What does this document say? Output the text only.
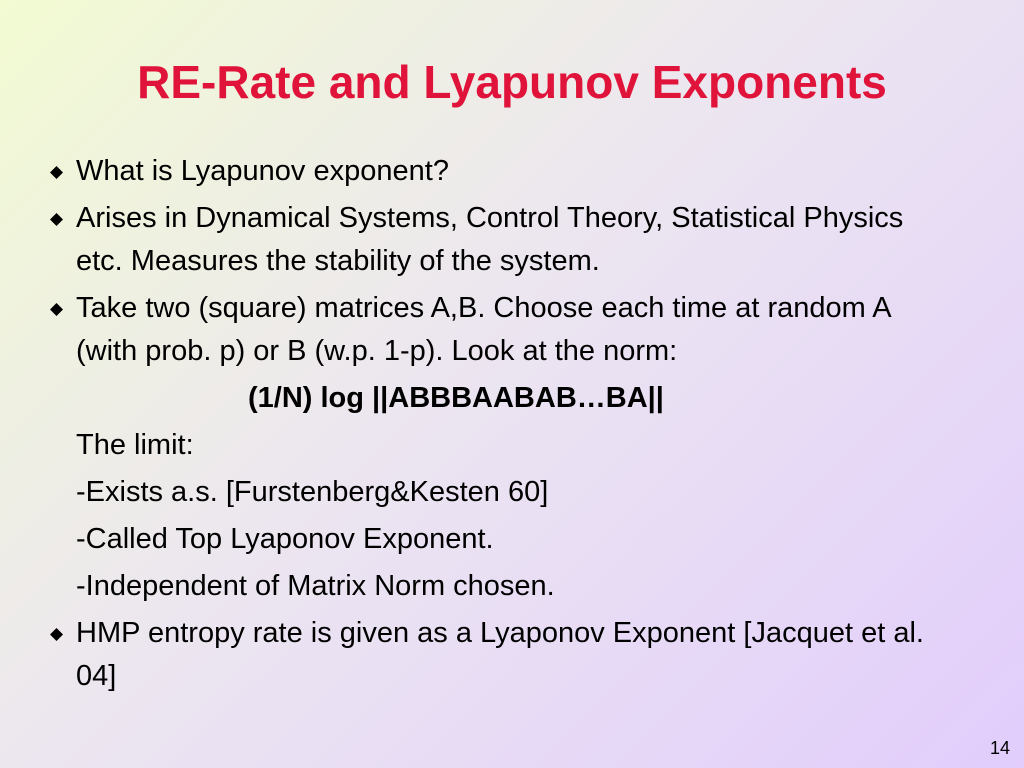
RE-Rate and Lyapunov Exponents

What is Lyapunov exponent?

Arises in Dynamical Systems, Control Theory, Statistical Physics etc. Measures the stability of the system.

Take two (square) matrices A,B. Choose each time at random A (with prob. p) or B (w.p. 1-p). Look at the norm:

(1/N) log ||ABBBAABAB…BA||

The limit:

-Exists a.s. [Furstenberg&Kesten 60]

-Called Top Lyaponov Exponent.

-Independent of Matrix Norm chosen.

HMP entropy rate is given as a Lyaponov Exponent [Jacquet et al. 04]

14
